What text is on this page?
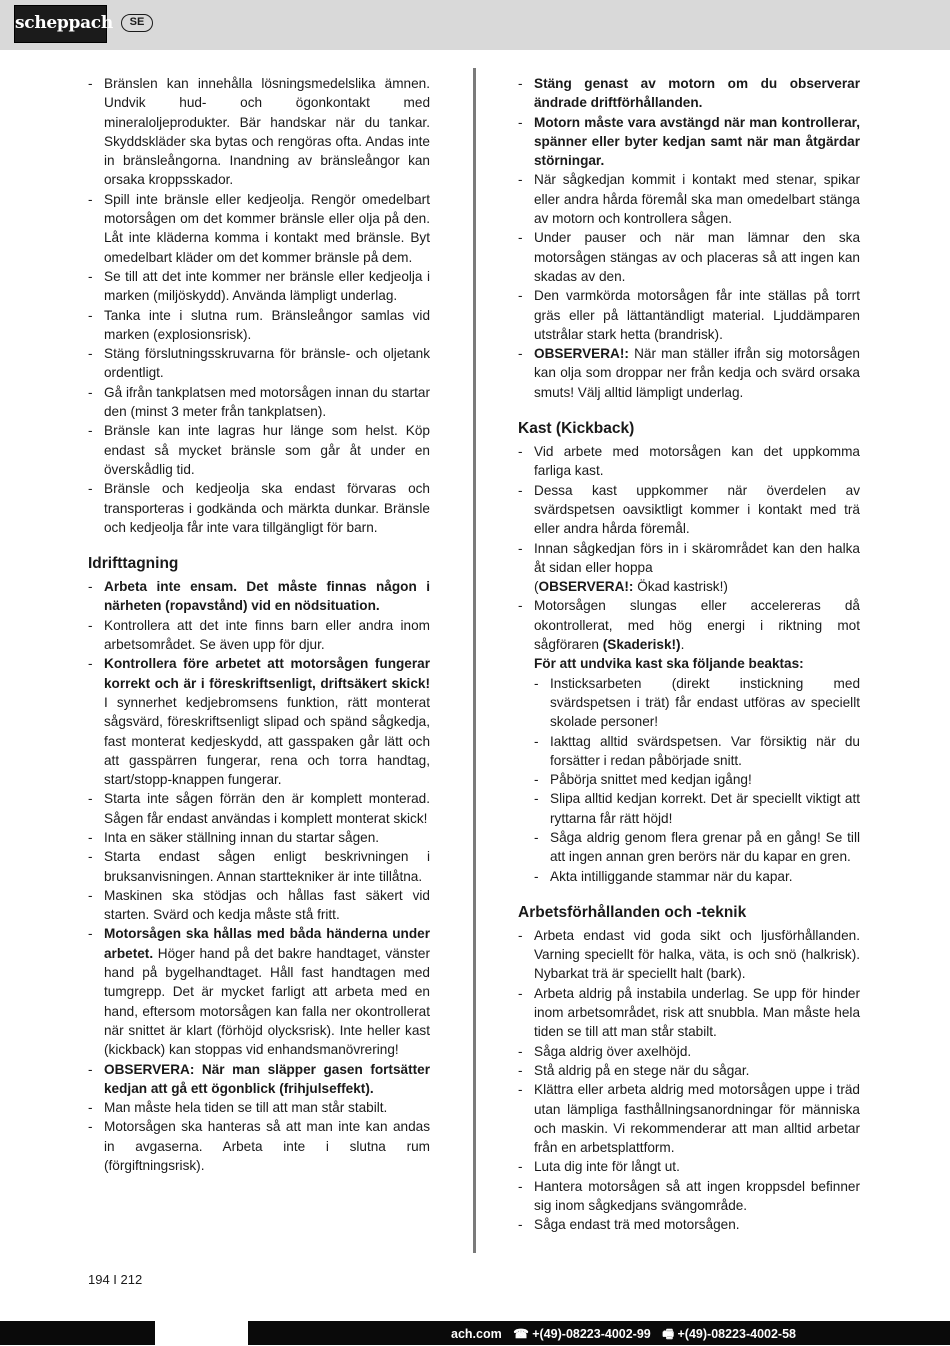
scheppach	SE
- Bränslen kan innehålla lösningsmedelslika ämnen. Undvik hud- och ögonkontakt med mineraloljeprodukter. Bär handskar när du tankar. Skyddskläder ska bytas och rengöras ofta. Andas inte in bränsleångorna. Inandning av bränsleångor kan orsaka kroppsskador.
- Spill inte bränsle eller kedjeolja. Rengör omedelbart motorsågen om det kommer bränsle eller olja på den. Låt inte kläderna komma i kontakt med bränsle. Byt omedelbart kläder om det kommer bränsle på dem.
- Se till att det inte kommer ner bränsle eller kedjeolja i marken (miljöskydd). Använda lämpligt underlag.
- Tanka inte i slutna rum. Bränsleångor samlas vid marken (explosionsrisk).
- Stäng förslutningsskruvarna för bränsle- och oljetank ordentligt.
- Gå ifrån tankplatsen med motorsågen innan du startar den (minst 3 meter från tankplatsen).
- Bränsle kan inte lagras hur länge som helst. Köp endast så mycket bränsle som går åt under en överskådlig tid.
- Bränsle och kedjeolja ska endast förvaras och transporteras i godkända och märkta dunkar. Bränsle och kedjeolja får inte vara tillgängligt för barn.
Idrifttagning
- Arbeta inte ensam. Det måste finnas någon i närheten (ropavstånd) vid en nödsituation.
- Kontrollera att det inte finns barn eller andra inom arbetsområdet. Se även upp för djur.
- Kontrollera före arbetet att motorsågen fungerar korrekt och är i föreskriftsenligt, driftsäkert skick! I synnerhet kedjebromsens funktion, rätt monterat sågsvärd, föreskriftsenligt slipad och spänd sågkedja, fast monterat kedjeskydd, att gasspaken går lätt och att gasspärren fungerar, rena och torra handtag, start/stopp-knappen fungerar.
- Starta inte sågen förrän den är komplett monterad. Sågen får endast användas i komplett monterat skick!
- Inta en säker ställning innan du startar sågen.
- Starta endast sågen enligt beskrivningen i bruksanvisningen. Annan starttekniker är inte tillåtna.
- Maskinen ska stödjas och hållas fast säkert vid starten. Svärd och kedja måste stå fritt.
- Motorsågen ska hållas med båda händerna under arbetet. Höger hand på det bakre handtaget, vänster hand på bygelhandtaget. Håll fast handtagen med tumgrepp. Det är mycket farligt att arbeta med en hand, eftersom motorsågen kan falla ner okontrollerat när snittet är klart (förhöjd olycksrisk). Inte heller kast (kickback) kan stoppas vid enhandsmanövrering!
- OBSERVERA: När man släpper gasen fortsätter kedjan att gå ett ögonblick (frihjulseffekt).
- Man måste hela tiden se till att man står stabilt.
- Motorsågen ska hanteras så att man inte kan andas in avgaserna. Arbeta inte i slutna rum (förgiftningsrisk).
- Stäng genast av motorn om du observerar ändrade driftförhållanden.
- Motorn måste vara avstängd när man kontrollerar, spänner eller byter kedjan samt när man åtgärdar störningar.
- När sågkedjan kommit i kontakt med stenar, spikar eller andra hårda föremål ska man omedelbart stänga av motorn och kontrollera sågen.
- Under pauser och när man lämnar den ska motorsågen stängas av och placeras så att ingen kan skadas av den.
- Den varmkörda motorsågen får inte ställas på torrt gräs eller på lättantändligt material. Ljuddämparen utstrålar stark hetta (brandrisk).
- OBSERVERA!: När man ställer ifrån sig motorsågen kan olja som droppar ner från kedja och svärd orsaka smuts! Välj alltid lämpligt underlag.
Kast (Kickback)
- Vid arbete med motorsågen kan det uppkomma farliga kast.
- Dessa kast uppkommer när överdelen av svärdspetsen oavsiktligt kommer i kontakt med trä eller andra hårda föremål.
- Innan sågkedjan förs in i skärområdet kan den halka åt sidan eller hoppa
(OBSERVERA!: Ökad kastrisk!)
- Motorsågen slungas eller accelereras då okontrollerat, med hög energi i riktning mot sågföraren (Skaderisk!).
För att undvika kast ska följande beaktas:
- Insticksarbeten (direkt instickning med svärdspetsen i trät) får endast utföras av speciellt skolade personer!
- Iakttag alltid svärdspetsen. Var försiktig när du forsätter i redan påbörjade snitt.
- Påbörja snittet med kedjan igång!
- Slipa alltid kedjan korrekt. Det är speciellt viktigt att ryttarna får rätt höjd!
- Såga aldrig genom flera grenar på en gång! Se till att ingen annan gren berörs när du kapar en gren.
- Akta intilliggande stammar när du kapar.
Arbetsförhållanden och -teknik
- Arbeta endast vid goda sikt och ljusförhållanden. Varning speciellt för halka, väta, is och snö (halkrisk). Nybarkat trä är speciellt halt (bark).
- Arbeta aldrig på instabila underlag. Se upp för hinder inom arbetsområdet, risk att snubbla. Man måste hela tiden se till att man står stabilt.
- Såga aldrig över axelhöjd.
- Stå aldrig på en stege när du sågar.
- Klättra eller arbeta aldrig med motorsågen uppe i träd utan lämpliga fasthållningsanordningar för människa och maskin. Vi rekommenderar att man alltid arbetar från en arbetsplattform.
- Luta dig inte för långt ut.
- Hantera motorsågen så att ingen kroppsdel befinner sig inom sågkedjans svängområde.
- Såga endast trä med motorsågen.
194 I 212
ach.com ☎ +(49)-08223-4002-99 🖷 +(49)-08223-4002-58
